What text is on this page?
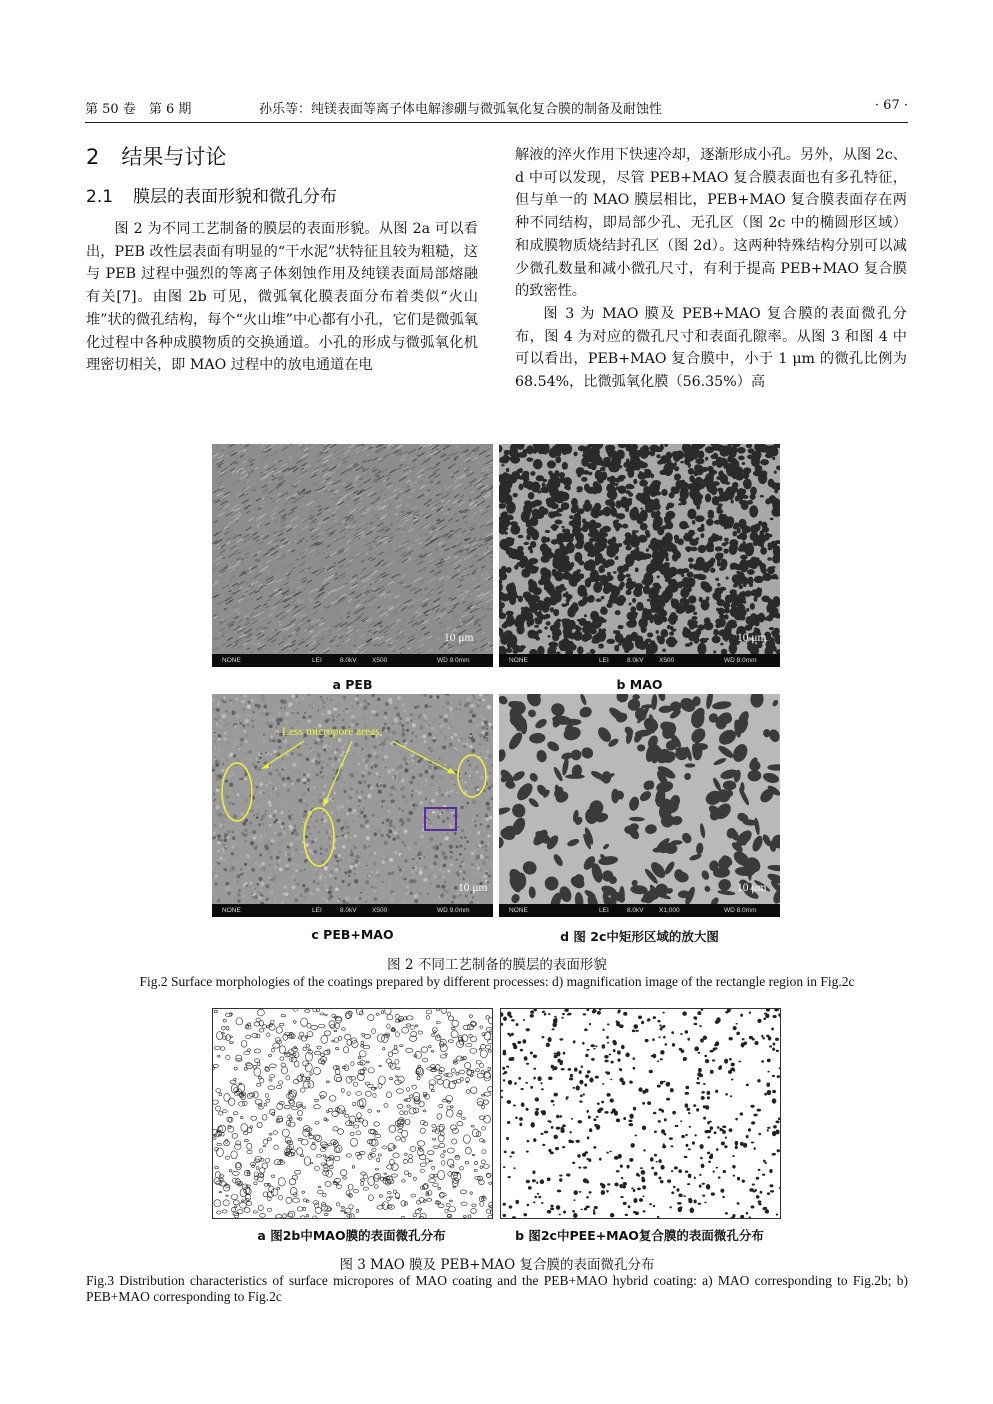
第 50 卷　 第 6 期	孙乐等：纯镁表面等离子体电解渗硼与微弧氧化复合膜的制备及耐蚀性	· 67 ·
2 结果与讨论
2.1 膜层的表面形貌和微孔分布

图 2 为不同工艺制备的膜层的表面形貌。从图 2a 可以看出，PEB 改性层表面有明显的“干水泥”状特征且较为粗糙，这与 PEB 过程中强烈的等离子体刻蚀作用及纯镁表面局部熔融有关[7]。由图 2b 可见，微弧氧化膜表面分布着类似“火山堆”状的微孔结构，每个“火山堆”中心都有小孔，它们是微弧氧化过程中各种成膜物质的交换通道。小孔的形成与微弧氧化机理密切相关，即 MAO 过程中的放电通道在电

解液的淬火作用下快速冷却，逐渐形成小孔。另外，从图 2c、d 中可以发现，尽管 PEB+MAO 复合膜表面也有多孔特征，但与单一的 MAO 膜层相比，PEB+MAO 复合膜表面存在两种不同结构，即局部少孔、无孔区（图 2c 中的椭圆形区域）和成膜物质烧结封孔区（图 2d）。这两种特殊结构分别可以减少微孔数量和减小微孔尺寸，有利于提高 PEB+MAO 复合膜的致密性。

图 3 为 MAO 膜及 PEB+MAO 复合膜的表面微孔分布，图 4 为对应的微孔尺寸和表面孔隙率。从图 3 和图 4 中可以看出，PEB+MAO 复合膜中，小于 1 μm 的微孔比例为 68.54%，比微弧氧化膜（56.35%）高

10 μm
NONE	LEI	8.0kV X500	WD 9.0mm
10 μm
NONE	LEI	8.0kV X500	WD 8.0mm
a PEB	b MAO
Less micropore areas
10 μm
NONE	LEI	8.0kV X500	WD 9.0mm
10 μm
NONE	LEI	8.0kV X1,000	WD 8.0mm
c PEB+MAO	d 图 2c中矩形区域的放大图
图 2 不同工艺制备的膜层的表面形貌
Fig.2 Surface morphologies of the coatings prepared by different processes: d) magnification image of the rectangle region in Fig.2c
a 图2b中MAO膜的表面微孔分布	b 图2c中PEE+MAO复合膜的表面微孔分布
图 3 MAO 膜及 PEB+MAO 复合膜的表面微孔分布
Fig.3 Distribution characteristics of surface micropores of MAO coating and the PEB+MAO hybrid coating: a) MAO corresponding to Fig.2b; b) PEB+MAO corresponding to Fig.2c
